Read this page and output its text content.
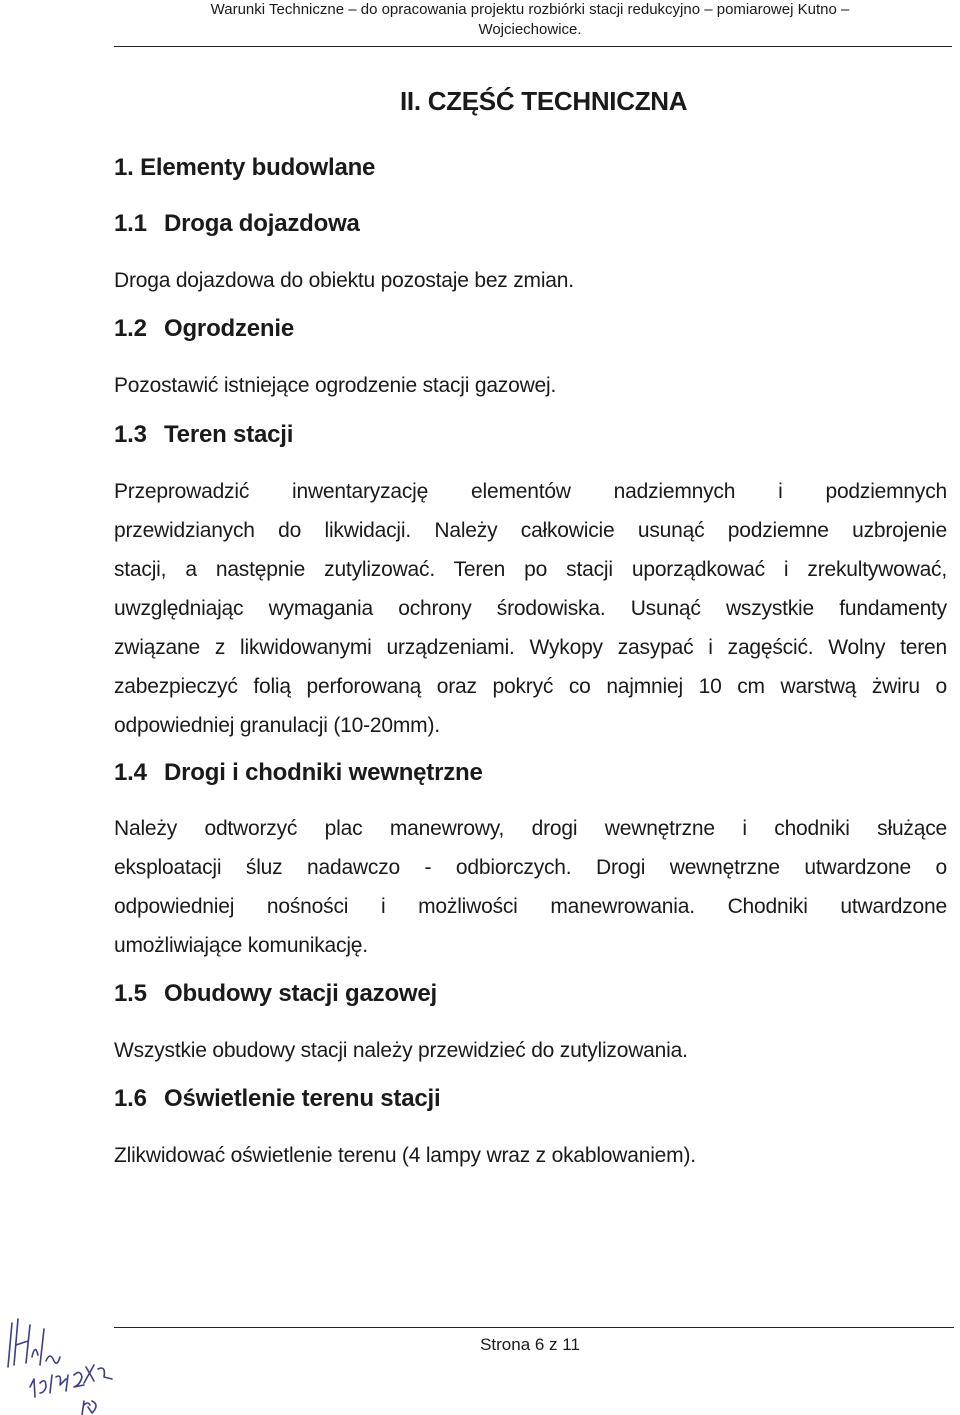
Warunki Techniczne – do opracowania projektu rozbiórki stacji redukcyjno – pomiarowej Kutno –
Wojciechowice.
II. CZĘŚĆ TECHNICZNA
1. Elementy budowlane
1.1 Droga dojazdowa
Droga dojazdowa do obiektu pozostaje bez zmian.
1.2 Ogrodzenie
Pozostawić istniejące ogrodzenie stacji gazowej.
1.3 Teren stacji
Przeprowadzić inwentaryzację elementów nadziemnych i podziemnych
przewidzianych do likwidacji. Należy całkowicie usunąć podziemne uzbrojenie
stacji, a następnie zutylizować. Teren po stacji uporządkować i zrekultywować,
uwzględniając wymagania ochrony środowiska. Usunąć wszystkie fundamenty
związane z likwidowanymi urządzeniami. Wykopy zasypać i zagęścić. Wolny teren
zabezpieczyć folią perforowaną oraz pokryć co najmniej 10 cm warstwą żwiru o
odpowiedniej granulacji (10-20mm).
1.4 Drogi i chodniki wewnętrzne
Należy odtworzyć plac manewrowy, drogi wewnętrzne i chodniki służące
eksploatacji śluz nadawczo - odbiorczych. Drogi wewnętrzne utwardzone o
odpowiedniej nośności i możliwości manewrowania. Chodniki utwardzone
umożliwiające komunikację.
1.5 Obudowy stacji gazowej
Wszystkie obudowy stacji należy przewidzieć do zutylizowania.
1.6 Oświetlenie terenu stacji
Zlikwidować oświetlenie terenu (4 lampy wraz z okablowaniem).
Strona 6 z 11
